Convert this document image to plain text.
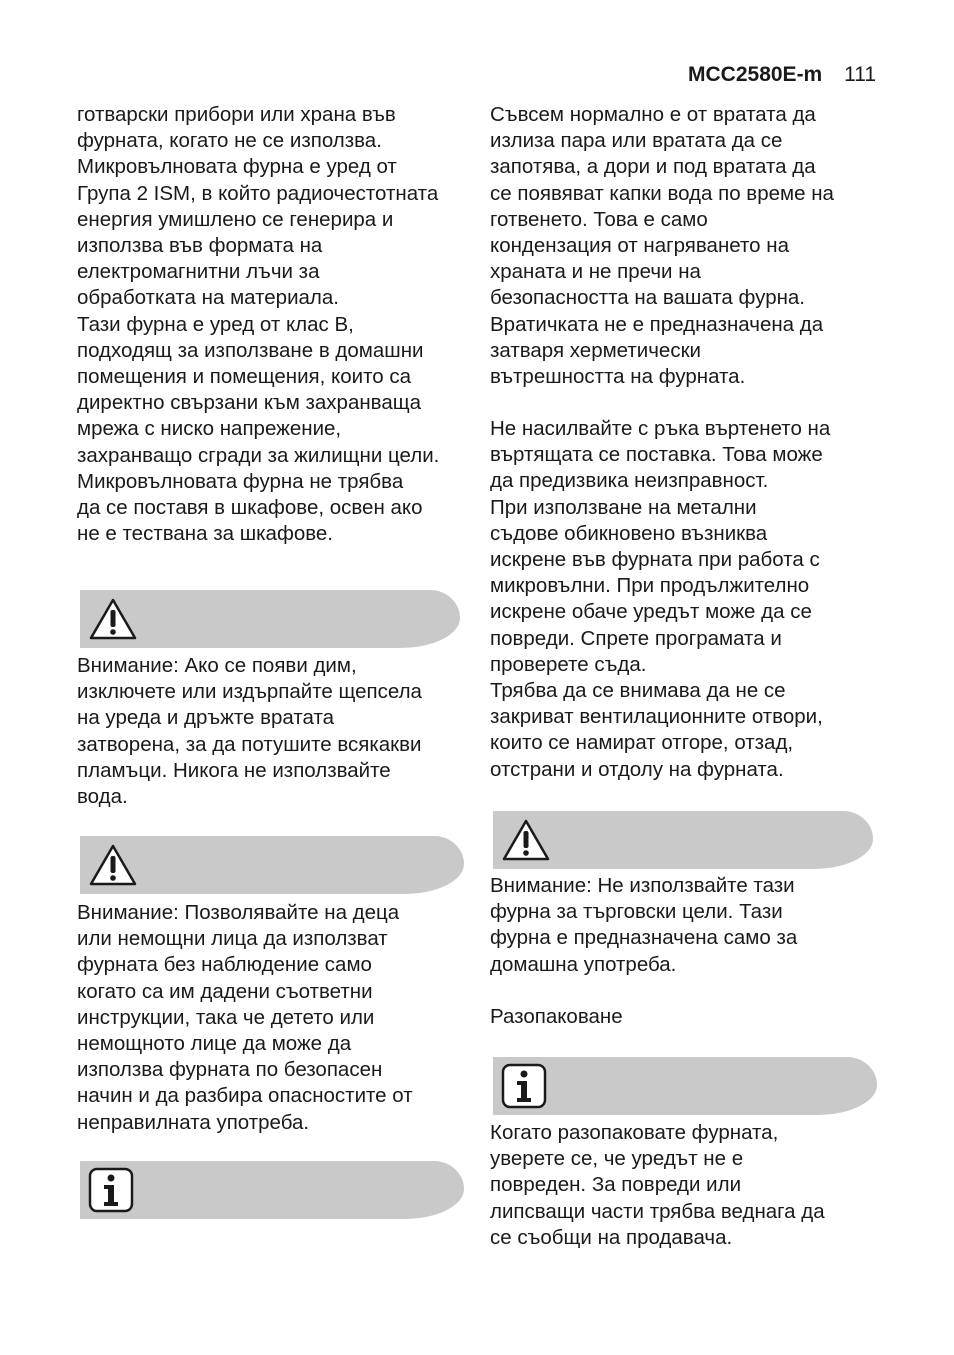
MCC2580E-m 111

готварски прибори или храна във
фурната, когато не се използва.
Микровълновата фурна е уред от
Група 2 ISM, в който радиочестотната
енергия умишлено се генерира и
използва във формата на
електромагнитни лъчи за
обработката на материала.
Тази фурна е уред от клас B,
подходящ за използване в домашни
помещения и помещения, които са
директно свързани към захранваща
мрежа с ниско напрежение,
захранващо сгради за жилищни цели.
Микровълновата фурна не трябва
да се поставя в шкафове, освен ако
не е тествана за шкафове.

Внимание: Ако се появи дим,
изключете или издърпайте щепсела
на уреда и дръжте вратата
затворена, за да потушите всякакви
пламъци. Никога не използвайте
вода.

Внимание: Позволявайте на деца
или немощни лица да използват
фурната без наблюдение само
когато са им дадени съответни
инструкции, така че детето или
немощното лице да може да
използва фурната по безопасен
начин и да разбира опасностите от
неправилната употреба.

Съвсем нормално е от вратата да
излиза пара или вратата да се
запотява, а дори и под вратата да
се появяват капки вода по време на
готвенето. Това е само
кондензация от нагряването на
храната и не пречи на
безопасността на вашата фурна.
Вратичката не е предназначена да
затваря херметически
вътрешността на фурната.

Не насилвайте с ръка въртенето на
въртящата се поставка. Това може
да предизвика неизправност.
При използване на метални
съдове обикновено възниква
искрене във фурната при работа с
микровълни. При продължително
искрене обаче уредът може да се
повреди. Спрете програмата и
проверете съда.
Трябва да се внимава да не се
закриват вентилационните отвори,
които се намират отгоре, отзад,
отстрани и отдолу на фурната.

Внимание: Не използвайте тази
фурна за търговски цели. Тази
фурна е предназначена само за
домашна употреба.

Разопаковане

Когато разопаковате фурната,
уверете се, че уредът не е
повреден. За повреди или
липсващи части трябва веднага да
се съобщи на продавача.
